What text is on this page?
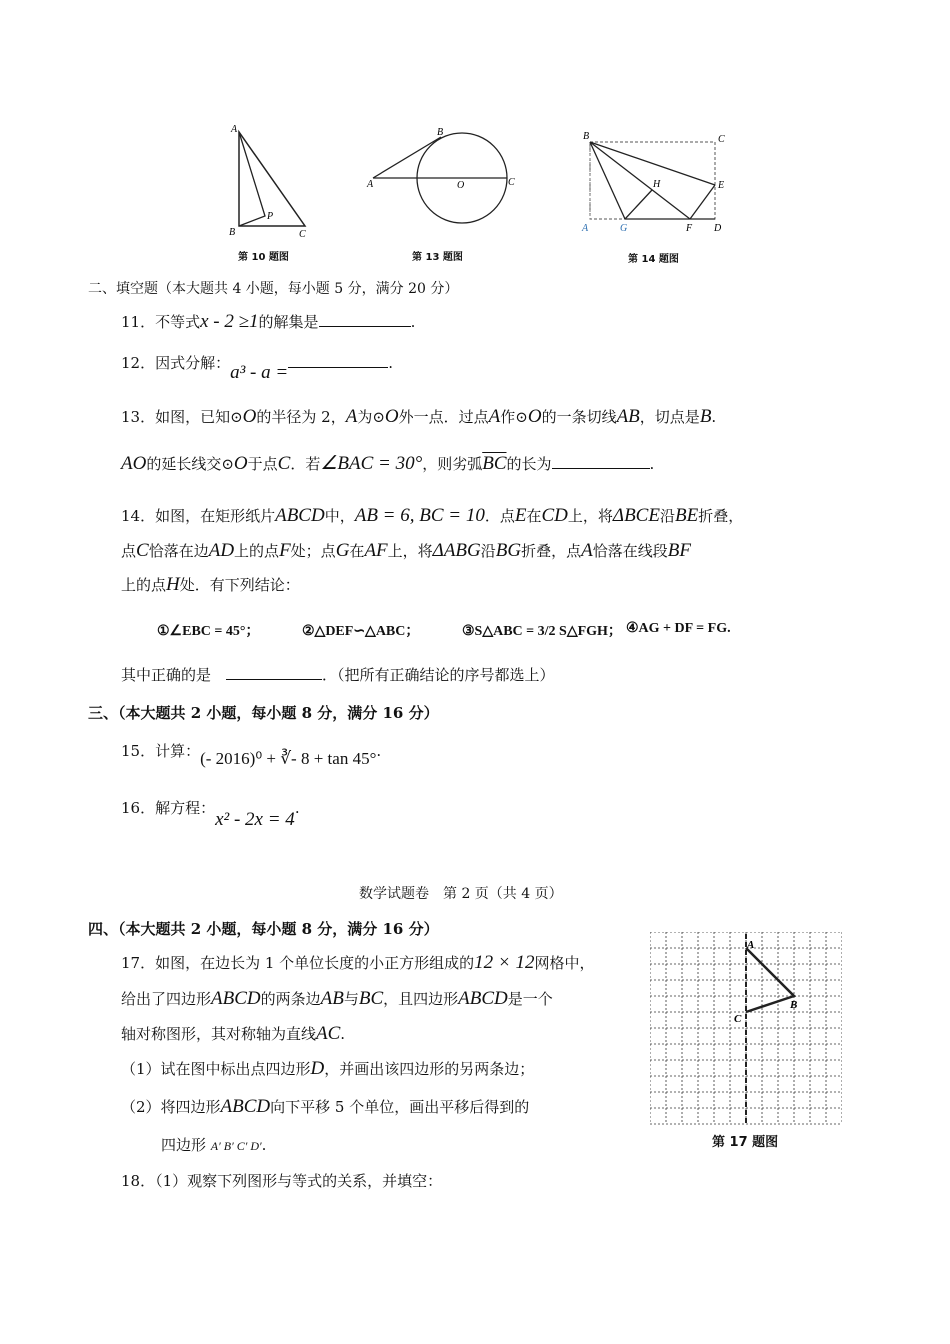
A
B
P
C
第 10 题图
B
A	O	C
第 13 题图
B	C
H	E
A	G	F D
第 14 题图
二、填空题（本大题共 4 小题，每小题 5 分，满分 20 分）
11．不等式x - 2 ≥1的解集是	.
12．因式分解：a³ - a =	.
13．如图，已知⊙O的半径为 2，A为⊙O外一点．过点A作⊙O的一条切线AB，切点是B.
AO的延长线交⊙O于点C．若∠BAC = 30°，则劣弧$\overline{BC}$的长为	.
14．如图，在矩形纸片ABCD中，AB = 6, BC = 10．点E在CD上，将ΔBCE沿BE折叠，
点C恰落在边AD上的点F处；点G在AF上，将ΔABG沿BG折叠，点A恰落在线段BF
上的点H处．有下列结论：
①∠EBC = 45°；	②△DEF∽△ABC；	③S△ABC = 3/2 S△FGH； ④AG + DF = FG.
其中正确的是　	．（把所有正确结论的序号都选上）
三、（本大题共 2 小题，每小题 8 分，满分 16 分）
15．计算：(- 2016)⁰ + ∛- 8 + tan 45°.
16．解方程：x² - 2x = 4.
数学试题卷　第 2 页（共 4 页）
四、（本大题共 2 小题，每小题 8 分，满分 16 分）
17．如图，在边长为 1 个单位长度的小正方形组成的12 × 12网格中，
给出了四边形ABCD的两条边AB与BC，且四边形ABCD是一个
轴对称图形，其对称轴为直线AC.
（1）试在图中标出点四边形D，并画出该四边形的另两条边；
（2）将四边形ABCD向下平移 5 个单位，画出平移后得到的
四边形 A′ B′ C′ D′.
A
B
C
第 17 题图
18．（1）观察下列图形与等式的关系，并填空：
